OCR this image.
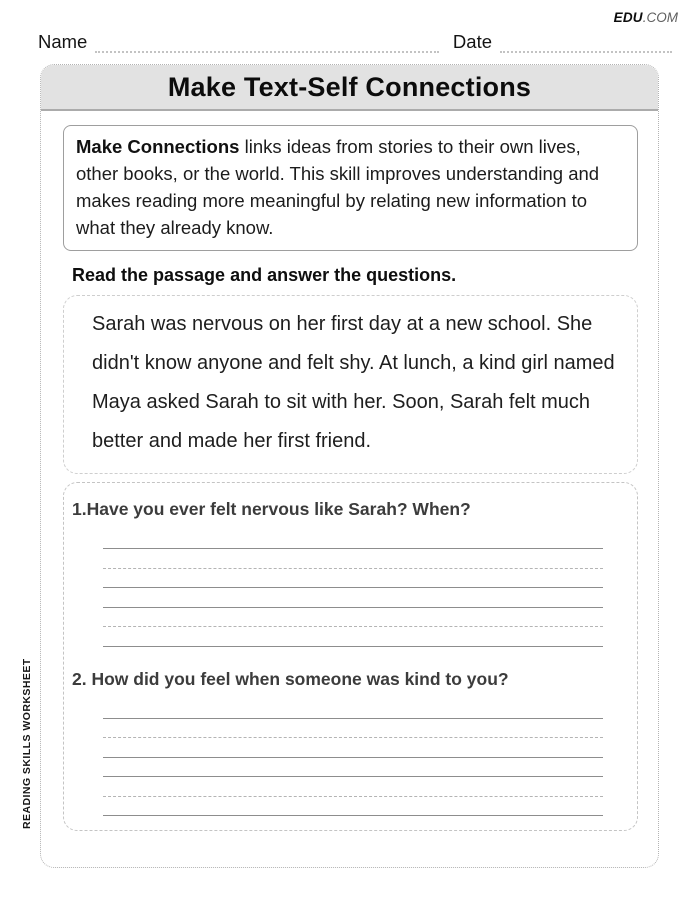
EDU.COM
Name	Date
Make Text-Self Connections
Make Connections links ideas from stories to their own lives, other books, or the world. This skill improves understanding and makes reading more meaningful by relating new information to what they already know.
Read the passage and answer the questions.
Sarah was nervous on her first day at a new school. She didn't know anyone and felt shy. At lunch, a kind girl named Maya asked Sarah to sit with her. Soon, Sarah felt much better and made her first friend.
1.Have you ever felt nervous like Sarah? When?
2. How did you feel when someone was kind to you?
READING SKILLS WORKSHEET
